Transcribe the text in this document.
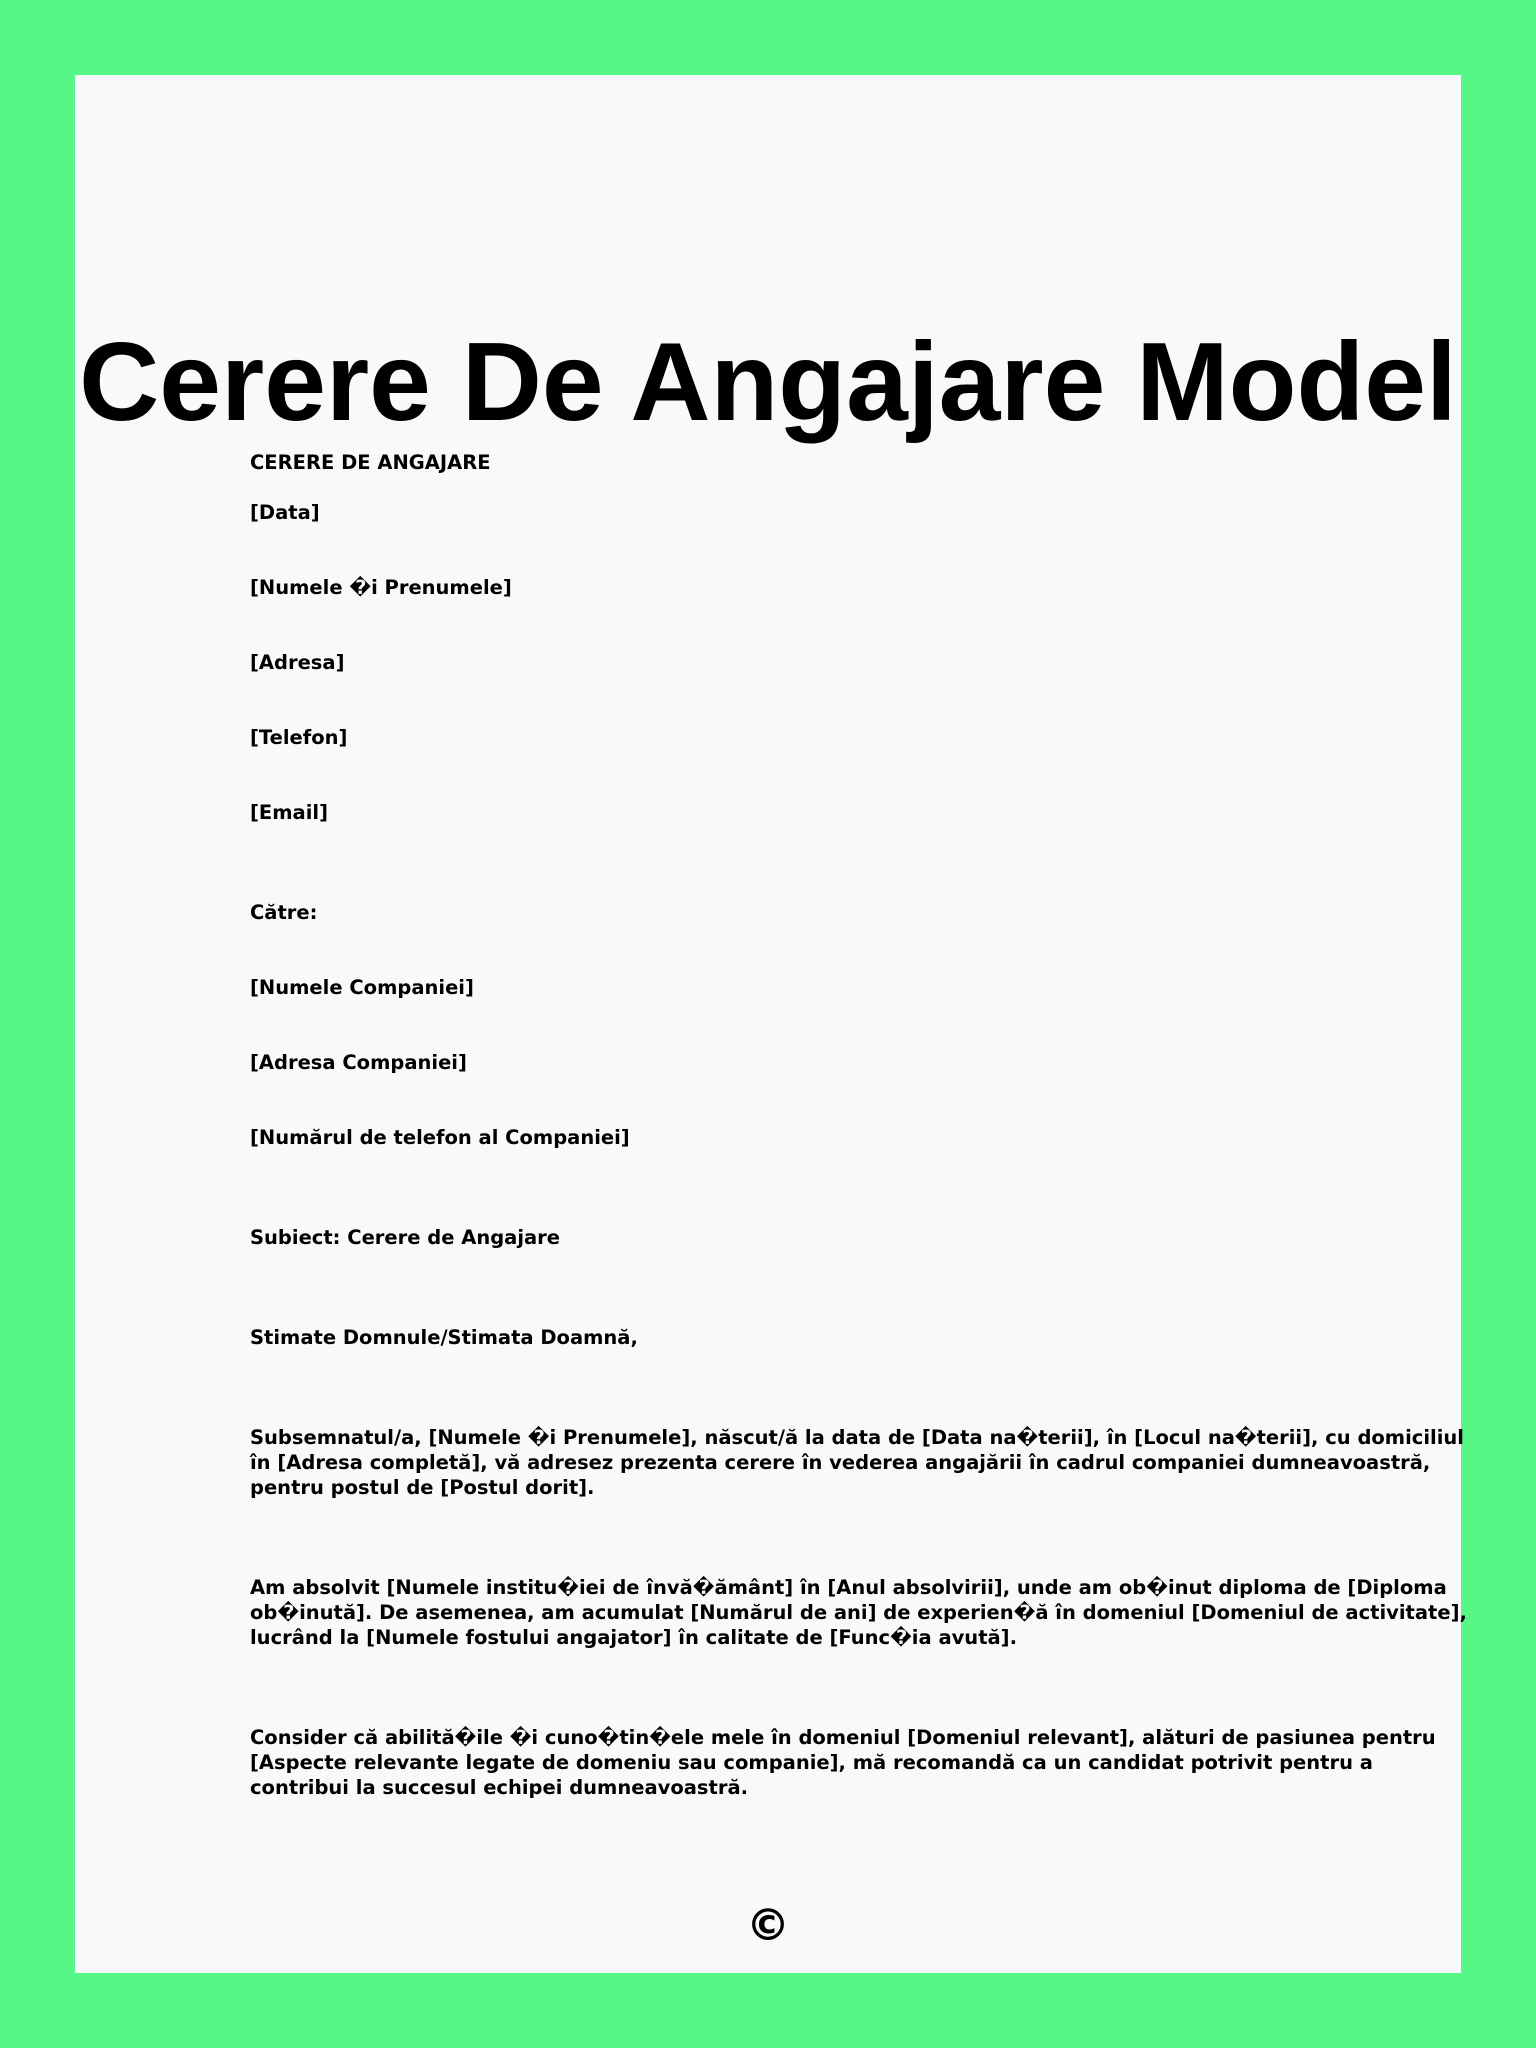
Cerere De Angajare Model

CERERE DE ANGAJARE

[Data]

[Numele �i Prenumele]

[Adresa]

[Telefon]

[Email]

Către:

[Numele Companiei]

[Adresa Companiei]

[Numărul de telefon al Companiei]

Subiect: Cerere de Angajare

Stimate Domnule/Stimata Doamnă,

Subsemnatul/a, [Numele �i Prenumele], născut/ă la data de [Data na�terii], în [Locul na�terii], cu domiciliul
în [Adresa completă], vă adresez prezenta cerere în vederea angajării în cadrul companiei dumneavoastră,
pentru postul de [Postul dorit].
Am absolvit [Numele institu�iei de învă�ământ] în [Anul absolvirii], unde am ob�inut diploma de [Diploma
ob�inută]. De asemenea, am acumulat [Numărul de ani] de experien�ă în domeniul [Domeniul de activitate],
lucrând la [Numele fostului angajator] în calitate de [Func�ia avută].
Consider că abilită�ile �i cuno�tin�ele mele în domeniul [Domeniul relevant], alături de pasiunea pentru
[Aspecte relevante legate de domeniu sau companie], mă recomandă ca un candidat potrivit pentru a
contribui la succesul echipei dumneavoastră.
©
